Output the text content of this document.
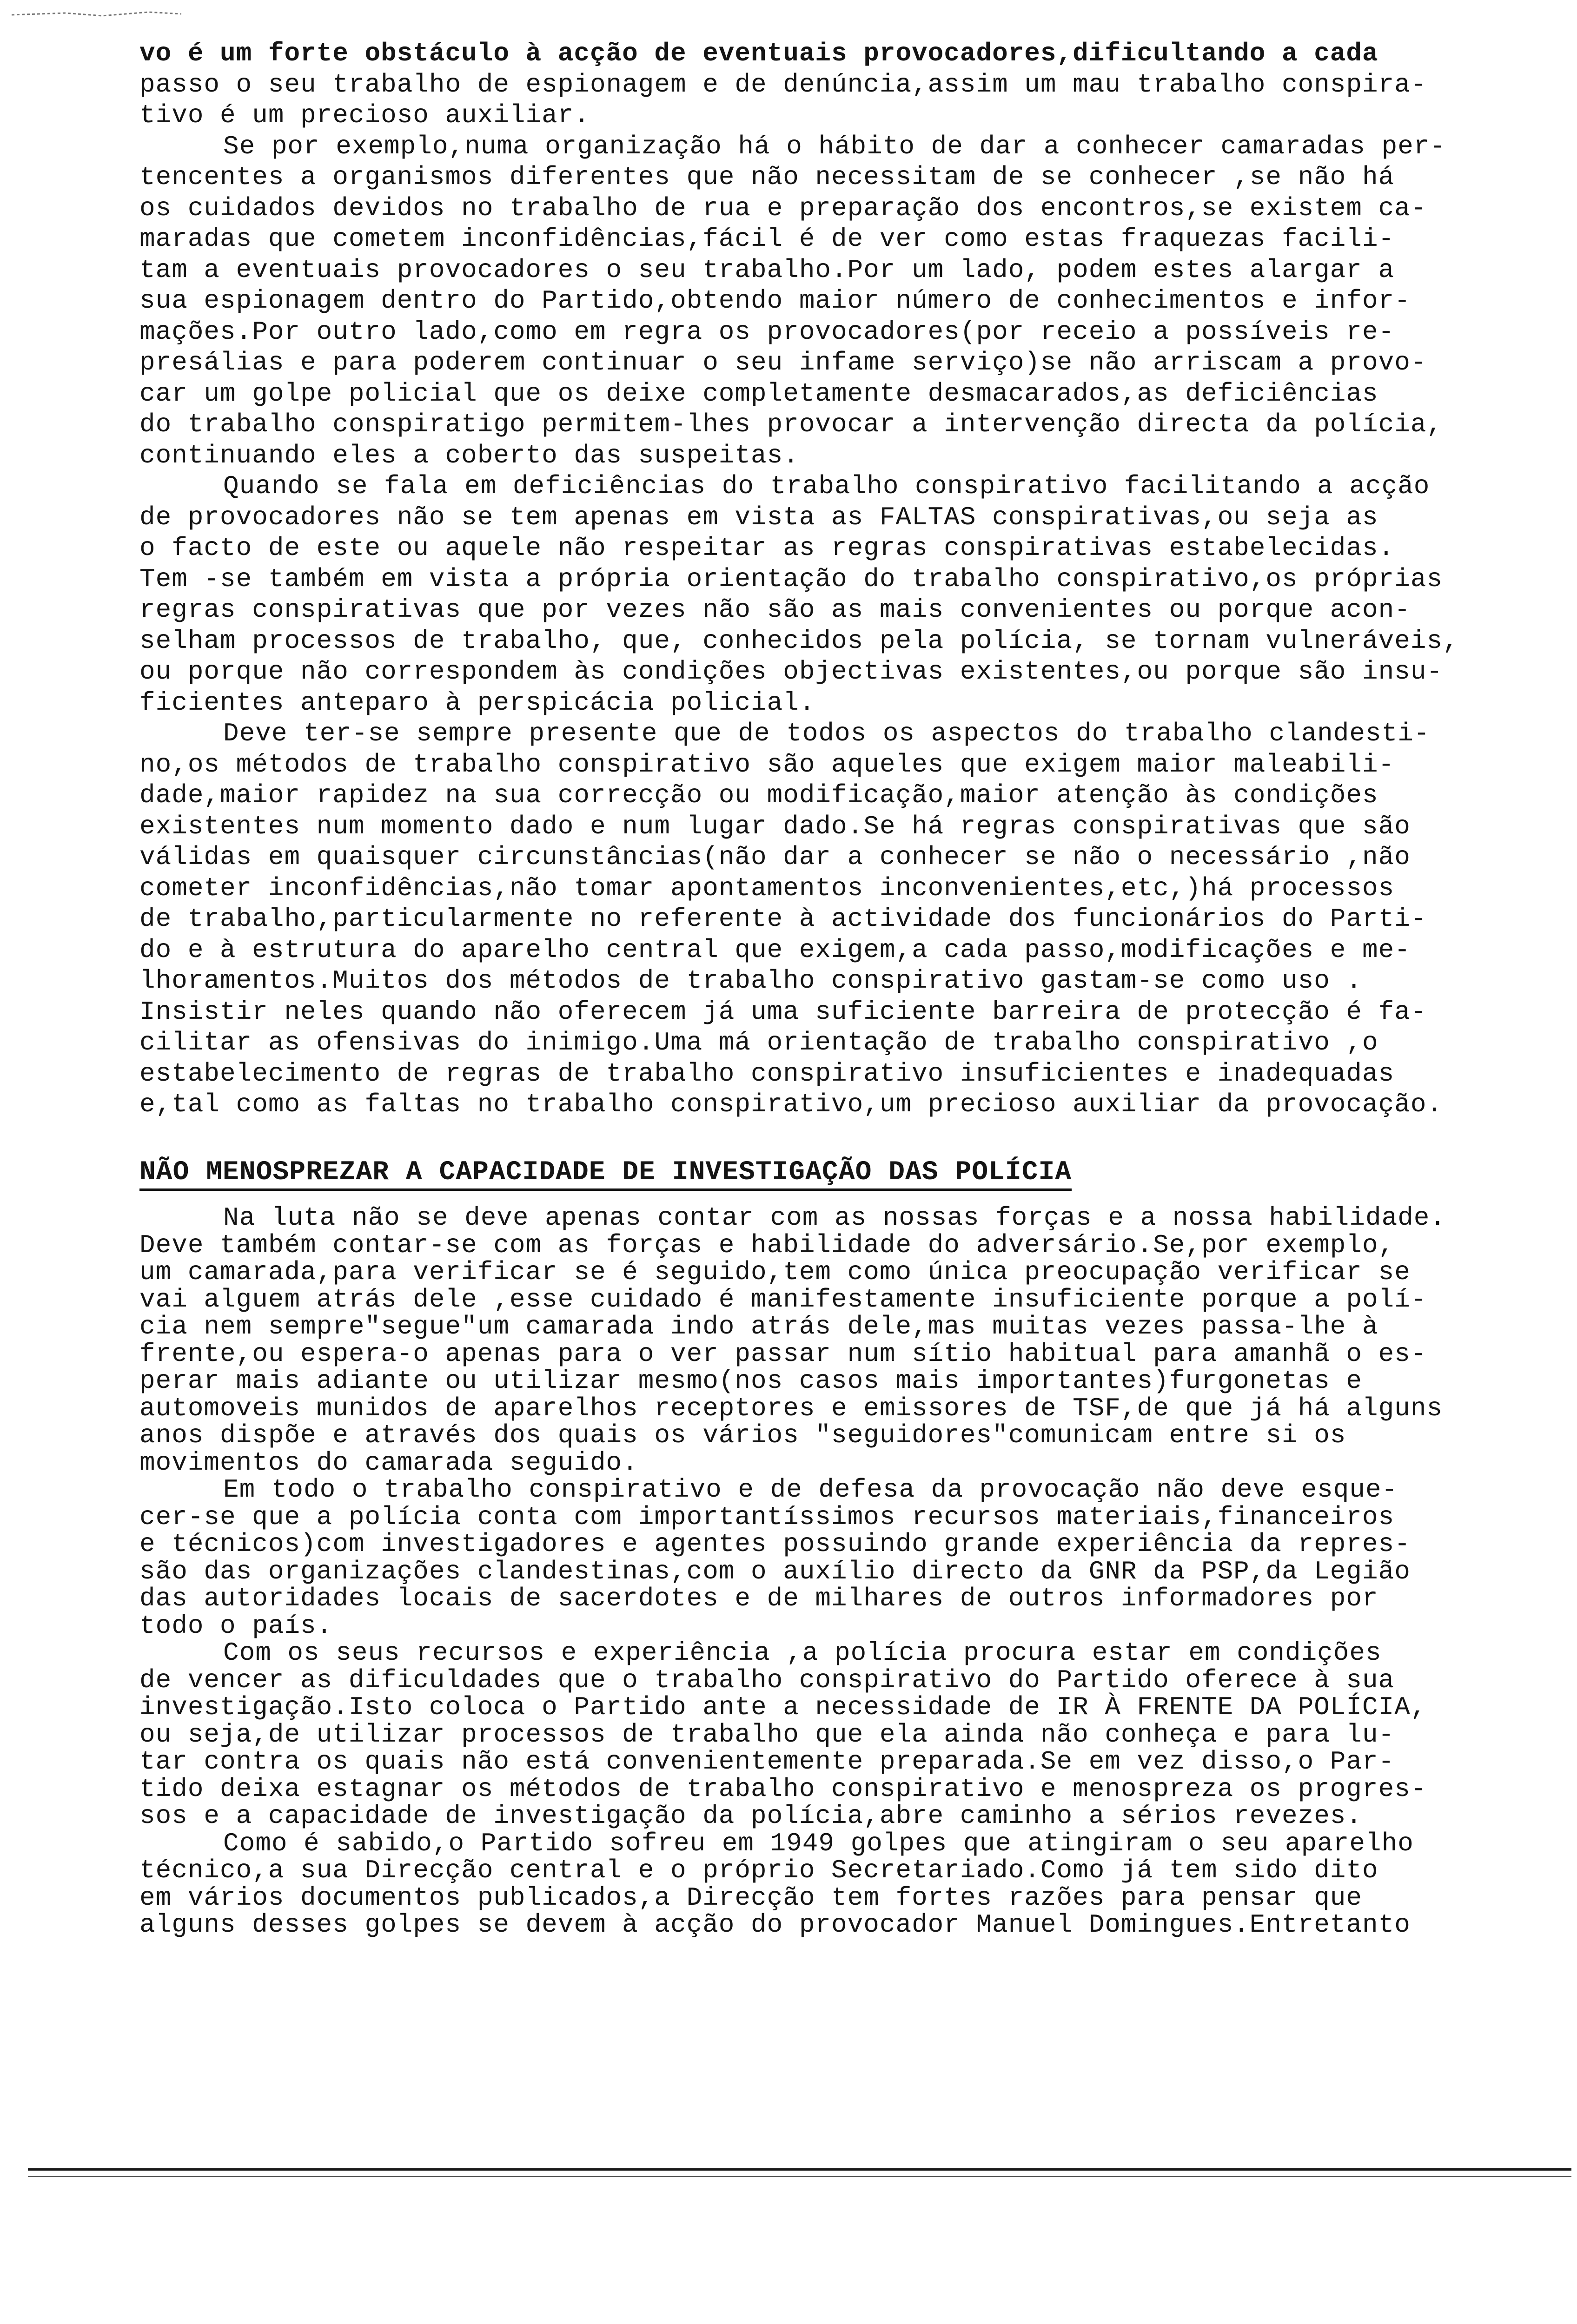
vo é um forte obstáculo à acção de eventuais provocadores,dificultando a cada
passo o seu trabalho de espionagem e de denúncia,assim um mau trabalho conspira-
tivo é um precioso auxiliar.
Se por exemplo,numa organização há o hábito de dar a conhecer camaradas per-
tencentes a organismos diferentes que não necessitam de se conhecer ,se não há
os cuidados devidos no trabalho de rua e preparação dos encontros,se existem ca-
maradas que cometem inconfidências,fácil é de ver como estas fraquezas facili-
tam a eventuais provocadores o seu trabalho.Por um lado, podem estes alargar a
sua espionagem dentro do Partido,obtendo maior número de conhecimentos e infor-
mações.Por outro lado,como em regra os provocadores(por receio a possíveis re-
presálias e para poderem continuar o seu infame serviço)se não arriscam a provo-
car um golpe policial que os deixe completamente desmacarados,as deficiências
do trabalho conspiratigo permitem-lhes provocar a intervenção directa da polícia,
continuando eles a coberto das suspeitas.
Quando se fala em deficiências do trabalho conspirativo facilitando a acção
de provocadores não se tem apenas em vista as FALTAS conspirativas,ou seja as
o facto de este ou aquele não respeitar as regras conspirativas estabelecidas.
Tem -se também em vista a própria orientação do trabalho conspirativo,os próprias
regras conspirativas que por vezes não são as mais convenientes ou porque acon-
selham processos de trabalho, que, conhecidos pela polícia, se tornam vulneráveis,
ou porque não correspondem às condições objectivas existentes,ou porque são insu-
ficientes anteparo à perspicácia policial.
Deve ter-se sempre presente que de todos os aspectos do trabalho clandesti-
no,os métodos de trabalho conspirativo são aqueles que exigem maior maleabili-
dade,maior rapidez na sua correcção ou modificação,maior atenção às condições
existentes num momento dado e num lugar dado.Se há regras conspirativas que são
válidas em quaisquer circunstâncias(não dar a conhecer se não o necessário ,não
cometer inconfidências,não tomar apontamentos inconvenientes,etc,)há processos
de trabalho,particularmente no referente à actividade dos funcionários do Parti-
do e à estrutura do aparelho central que exigem,a cada passo,modificações e me-
lhoramentos.Muitos dos métodos de trabalho conspirativo gastam-se como uso .
Insistir neles quando não oferecem já uma suficiente barreira de protecção é fa-
cilitar as ofensivas do inimigo.Uma má orientação de trabalho conspirativo ,o
estabelecimento de regras de trabalho conspirativo insuficientes e inadequadas
e,tal como as faltas no trabalho conspirativo,um precioso auxiliar da provocação.
NÃO MENOSPREZAR A CAPACIDADE DE INVESTIGAÇÃO DAS POLÍCIA
Na luta não se deve apenas contar com as nossas forças e a nossa habilidade.
Deve também contar-se com as forças e habilidade do adversário.Se,por exemplo,
um camarada,para verificar se é seguido,tem como única preocupação verificar se
vai alguem atrás dele ,esse cuidado é manifestamente insuficiente porque a polí-
cia nem sempre"segue"um camarada indo atrás dele,mas muitas vezes passa-lhe à
frente,ou espera-o apenas para o ver passar num sítio habitual para amanhã o es-
perar mais adiante ou utilizar mesmo(nos casos mais importantes)furgonetas e
automoveis munidos de aparelhos receptores e emissores de TSF,de que já há alguns
anos dispõe e através dos quais os vários "seguidores"comunicam entre si os
movimentos do camarada seguido.
Em todo o trabalho conspirativo e de defesa da provocação não deve esque-
cer-se que a polícia conta com importantíssimos recursos materiais,financeiros
e técnicos)com investigadores e agentes possuindo grande experiência da repres-
são das organizações clandestinas,com o auxílio directo da GNR da PSP,da Legião
das autoridades locais de sacerdotes e de milhares de outros informadores por
todo o país.
Com os seus recursos e experiência ,a polícia procura estar em condições
de vencer as dificuldades que o trabalho conspirativo do Partido oferece à sua
investigação.Isto coloca o Partido ante a necessidade de IR À FRENTE DA POLÍCIA,
ou seja,de utilizar processos de trabalho que ela ainda não conheça e para lu-
tar contra os quais não está convenientemente preparada.Se em vez disso,o Par-
tido deixa estagnar os métodos de trabalho conspirativo e menospreza os progres-
sos e a capacidade de investigação da polícia,abre caminho a sérios revezes.
Como é sabido,o Partido sofreu em 1949 golpes que atingiram o seu aparelho
técnico,a sua Direcção central e o próprio Secretariado.Como já tem sido dito
em vários documentos publicados,a Direcção tem fortes razões para pensar que
alguns desses golpes se devem à acção do provocador Manuel Domingues.Entretanto
